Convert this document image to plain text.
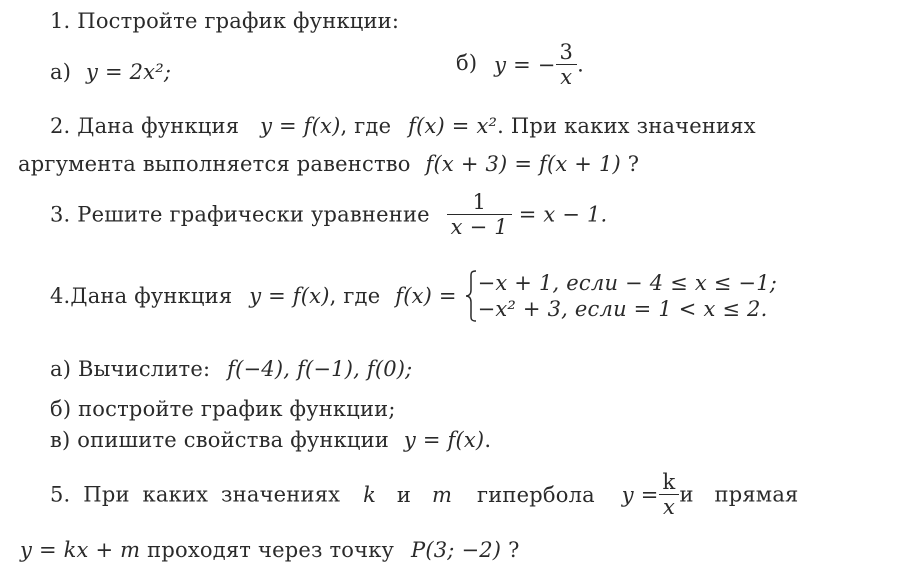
1. Постройте график функции:
а) y = 2x²;	б) y = − $\frac{3}{x}$ .
2. Дана функция y = f(x), где f(x) = x². При каких значениях
аргумента выполняется равенство f(x + 3) = f(x + 1) ?
3. Решите графически уравнение $\frac{1}{x - 1} = x - 1$.
4.Дана функция y = f(x), где f(x) =
−x + 1, если − 4 ≤ x ≤ −1;
−x² + 3, если = 1 < x ≤ 2.
а) Вычислите: f(−4), f(−1), f(0);
б) постройте график функции;
в) опишите свойства функции y = f(x).
5. При каких значениях k и m гипербола $y = \frac{k}{x}$ и прямая
y = kx + m проходят через точку P(3; −2) ?
